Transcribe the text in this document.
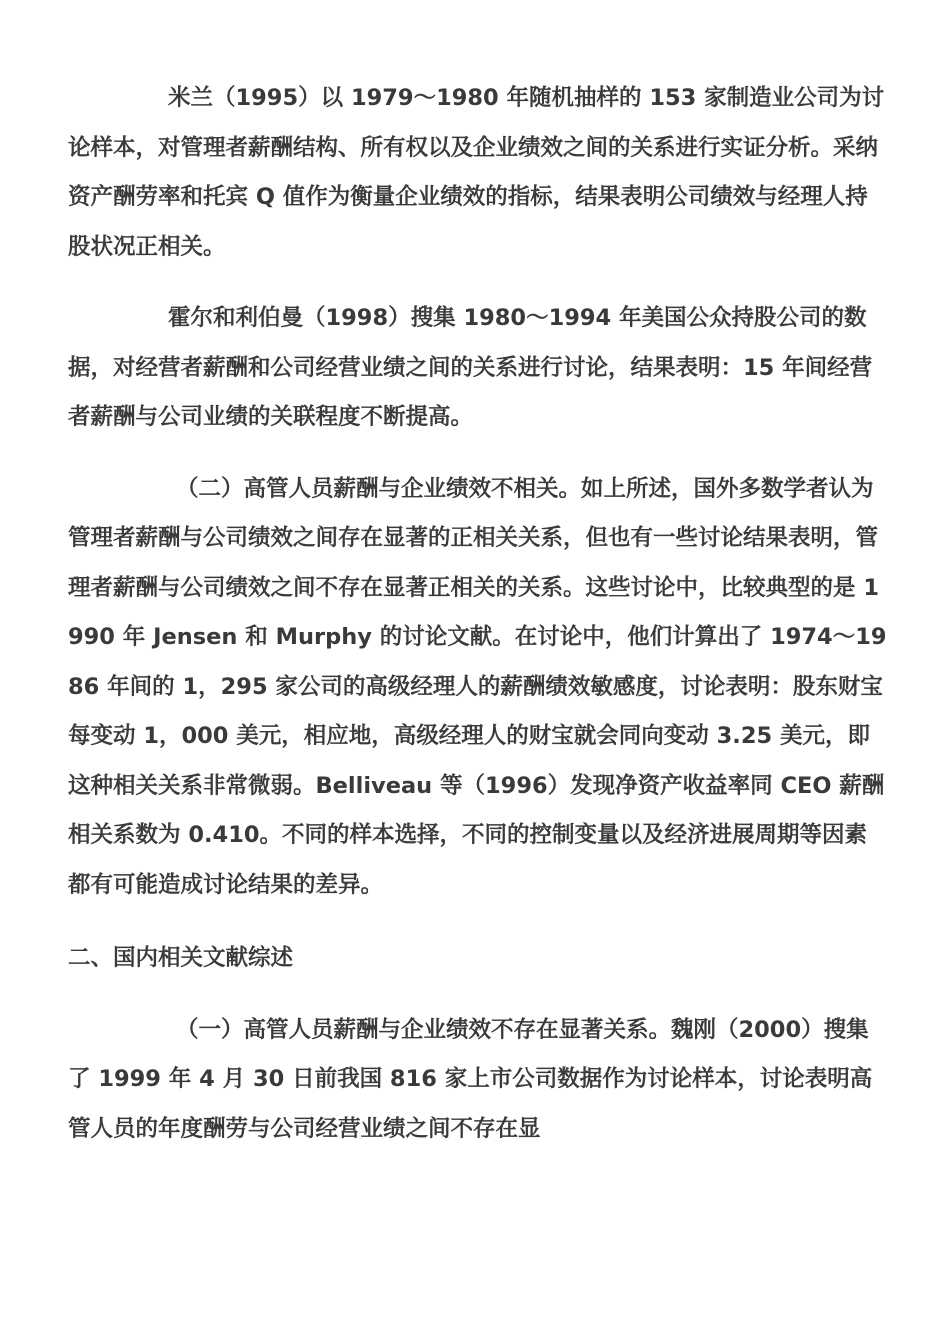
米兰（1995）以 1979～1980 年随机抽样的 153 家制造业公司为讨论样本，对管理者薪酬结构、所有权以及企业绩效之间的关系进行实证分析。采纳资产酬劳率和托宾 Q 值作为衡量企业绩效的指标，结果表明公司绩效与经理人持股状况正相关。

霍尔和利伯曼（1998）搜集 1980～1994 年美国公众持股公司的数据，对经营者薪酬和公司经营业绩之间的关系进行讨论，结果表明：15 年间经营者薪酬与公司业绩的关联程度不断提高。

（二）高管人员薪酬与企业绩效不相关。如上所述，国外多数学者认为管理者薪酬与公司绩效之间存在显著的正相关关系，但也有一些讨论结果表明，管理者薪酬与公司绩效之间不存在显著正相关的关系。这些讨论中，比较典型的是 1990 年 Jensen 和 Murphy 的讨论文献。在讨论中，他们计算出了 1974～1986 年间的 1，295 家公司的高级经理人的薪酬绩效敏感度，讨论表明：股东财宝每变动 1，000 美元，相应地，高级经理人的财宝就会同向变动 3.25 美元，即这种相关关系非常微弱。Belliveau 等（1996）发现净资产收益率同 CEO 薪酬相关系数为 0.410。不同的样本选择，不同的控制变量以及经济进展周期等因素都有可能造成讨论结果的差异。

二、国内相关文献综述

（一）高管人员薪酬与企业绩效不存在显著关系。魏刚（2000）搜集了 1999 年 4 月 30 日前我国 816 家上市公司数据作为讨论样本，讨论表明高管人员的年度酬劳与公司经营业绩之间不存在显
